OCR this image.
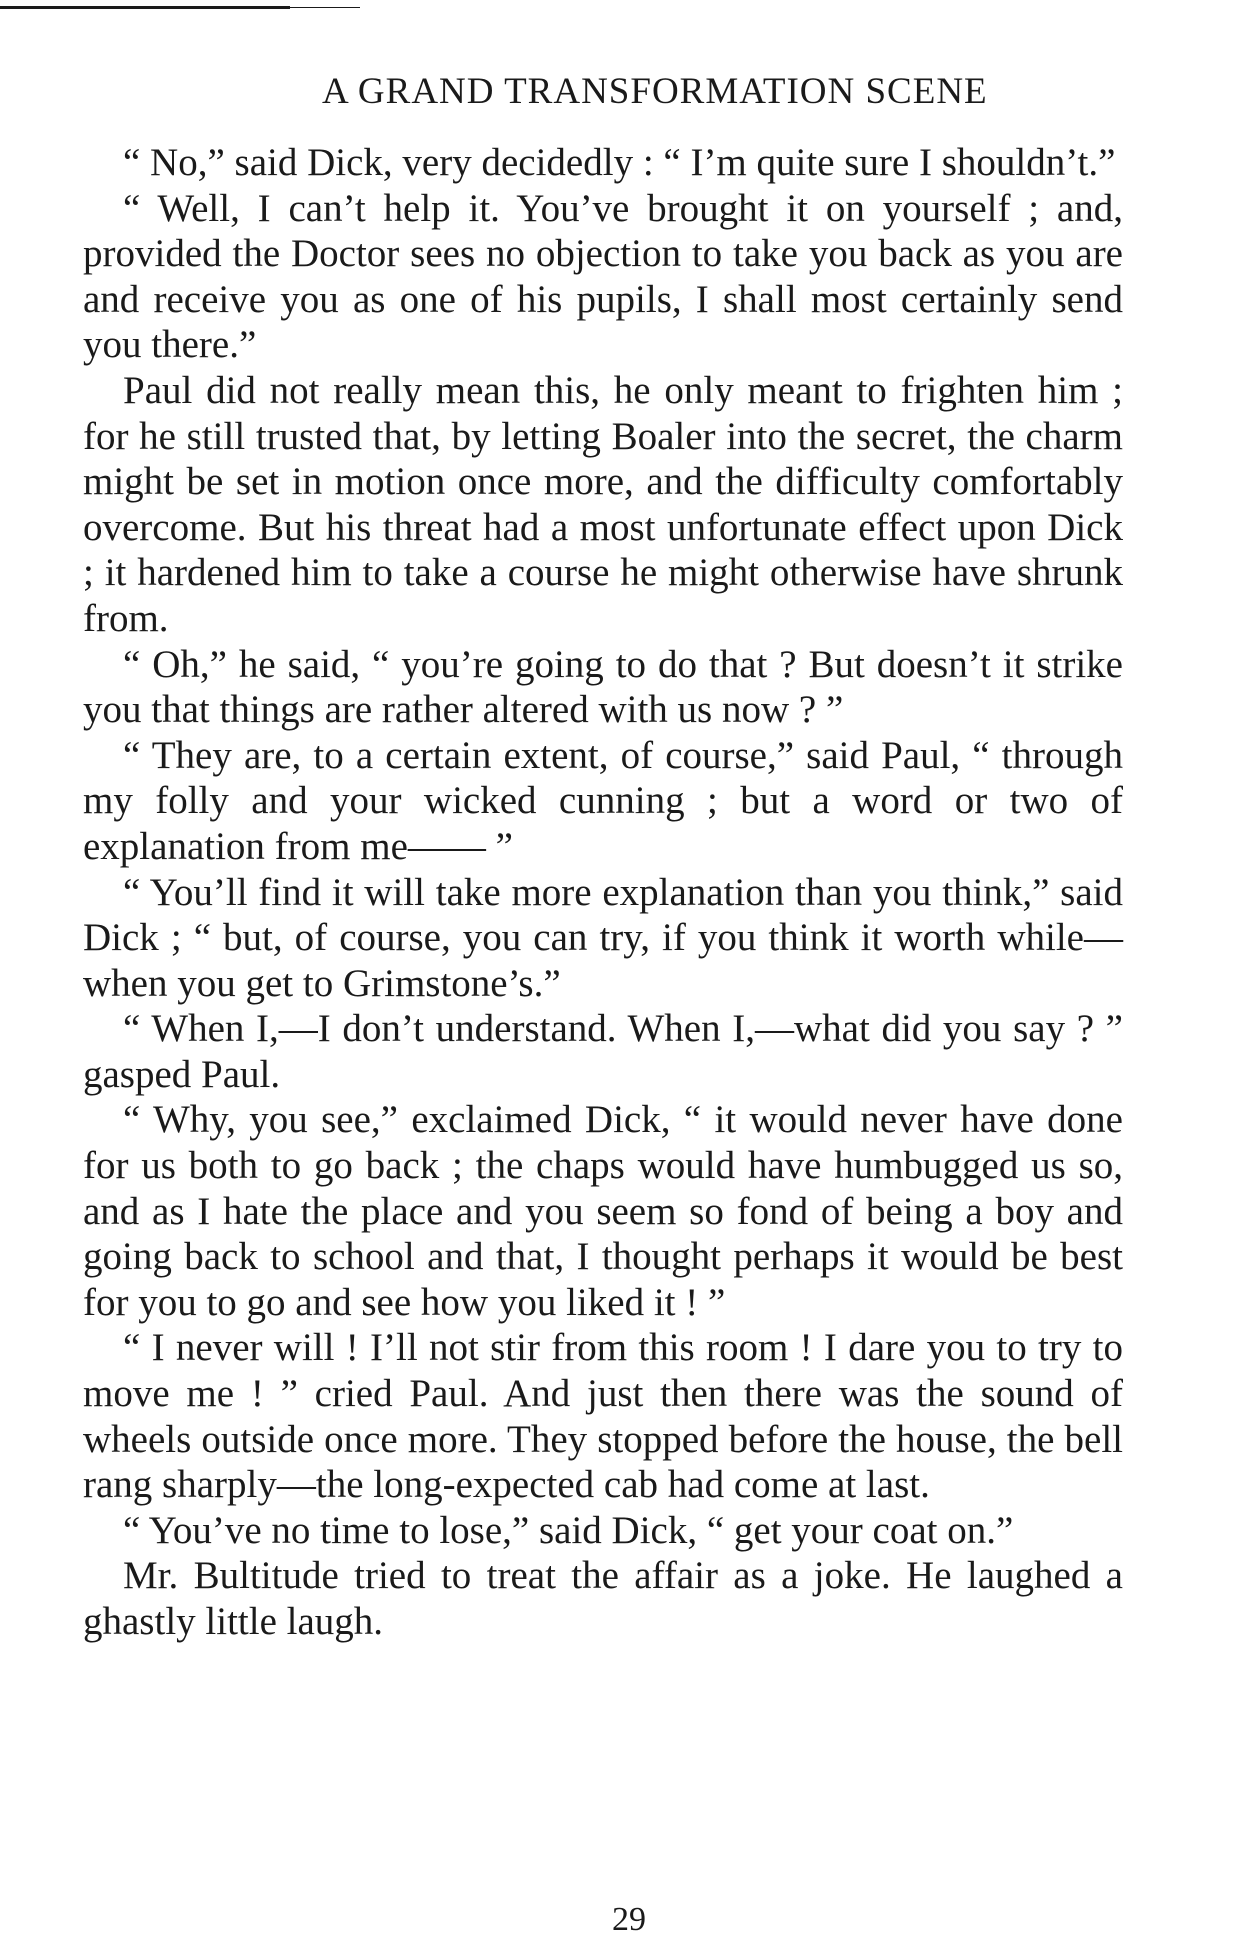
A GRAND TRANSFORMATION SCENE

“ No,” said Dick, very decidedly : “ I’m quite sure I shouldn’t.”

“ Well, I can’t help it. You’ve brought it on yourself ; and, provided the Doctor sees no objection to take you back as you are and receive you as one of his pupils, I shall most certainly send you there.”

Paul did not really mean this, he only meant to frighten him ; for he still trusted that, by letting Boaler into the secret, the charm might be set in motion once more, and the difficulty comfortably overcome. But his threat had a most unfortunate effect upon Dick ; it hardened him to take a course he might otherwise have shrunk from.

“ Oh,” he said, “ you’re going to do that ? But doesn’t it strike you that things are rather altered with us now ? ”

“ They are, to a certain extent, of course,” said Paul, “ through my folly and your wicked cunning ; but a word or two of explanation from me—— ”

“ You’ll find it will take more explanation than you think,” said Dick ; “ but, of course, you can try, if you think it worth while—when you get to Grimstone’s.”

“ When I,—I don’t understand. When I,—what did you say ? ” gasped Paul.

“ Why, you see,” exclaimed Dick, “ it would never have done for us both to go back ; the chaps would have humbugged us so, and as I hate the place and you seem so fond of being a boy and going back to school and that, I thought perhaps it would be best for you to go and see how you liked it ! ”

“ I never will ! I’ll not stir from this room ! I dare you to try to move me ! ” cried Paul. And just then there was the sound of wheels outside once more. They stopped before the house, the bell rang sharply—the long-expected cab had come at last.

“ You’ve no time to lose,” said Dick, “ get your coat on.”

Mr. Bultitude tried to treat the affair as a joke. He laughed a ghastly little laugh.

29
